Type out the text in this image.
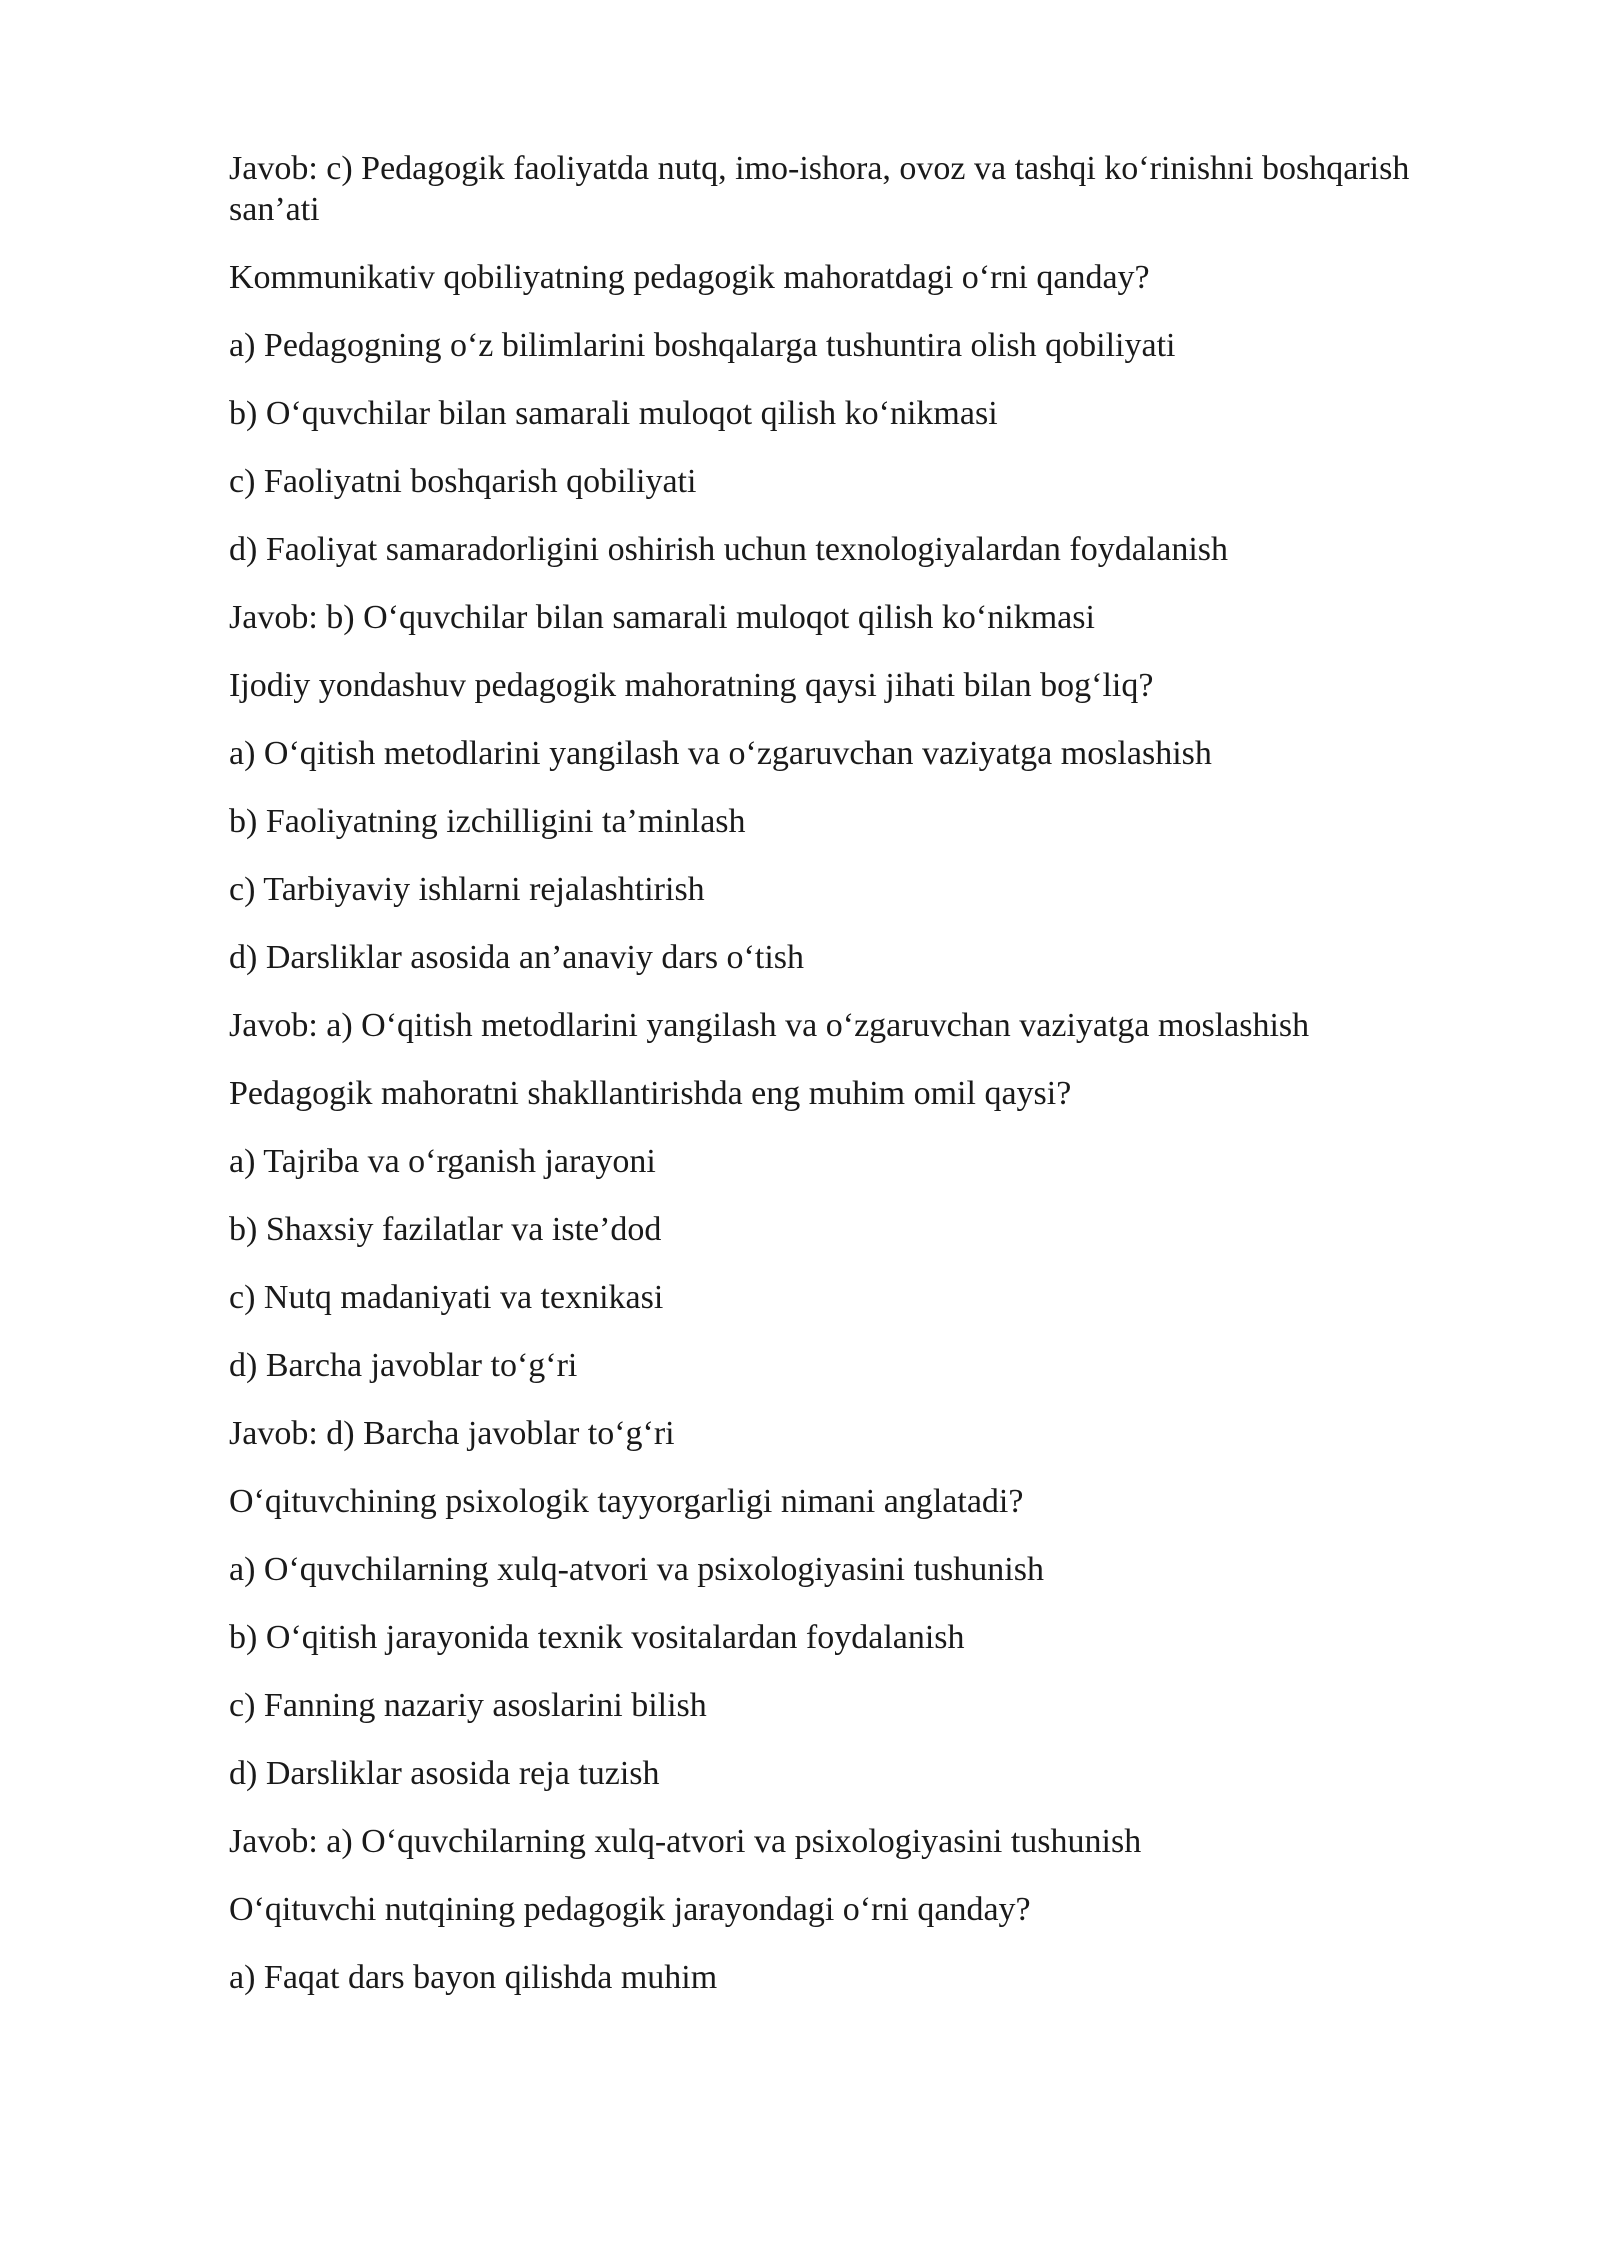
Javob: c) Pedagogik faoliyatda nutq, imo-ishora, ovoz va tashqi ko‘rinishni boshqarish san’ati

Kommunikativ qobiliyatning pedagogik mahoratdagi o‘rni qanday?

a) Pedagogning o‘z bilimlarini boshqalarga tushuntira olish qobiliyati

b) O‘quvchilar bilan samarali muloqot qilish ko‘nikmasi

c) Faoliyatni boshqarish qobiliyati

d) Faoliyat samaradorligini oshirish uchun texnologiyalardan foydalanish

Javob: b) O‘quvchilar bilan samarali muloqot qilish ko‘nikmasi

Ijodiy yondashuv pedagogik mahoratning qaysi jihati bilan bog‘liq?

a) O‘qitish metodlarini yangilash va o‘zgaruvchan vaziyatga moslashish

b) Faoliyatning izchilligini ta’minlash

c) Tarbiyaviy ishlarni rejalashtirish

d) Darsliklar asosida an’anaviy dars o‘tish

Javob: a) O‘qitish metodlarini yangilash va o‘zgaruvchan vaziyatga moslashish

Pedagogik mahoratni shakllantirishda eng muhim omil qaysi?

a) Tajriba va o‘rganish jarayoni

b) Shaxsiy fazilatlar va iste’dod

c) Nutq madaniyati va texnikasi

d) Barcha javoblar to‘g‘ri

Javob: d) Barcha javoblar to‘g‘ri

O‘qituvchining psixologik tayyorgarligi nimani anglatadi?

a) O‘quvchilarning xulq-atvori va psixologiyasini tushunish

b) O‘qitish jarayonida texnik vositalardan foydalanish

c) Fanning nazariy asoslarini bilish

d) Darsliklar asosida reja tuzish

Javob: a) O‘quvchilarning xulq-atvori va psixologiyasini tushunish

O‘qituvchi nutqining pedagogik jarayondagi o‘rni qanday?

a) Faqat dars bayon qilishda muhim
